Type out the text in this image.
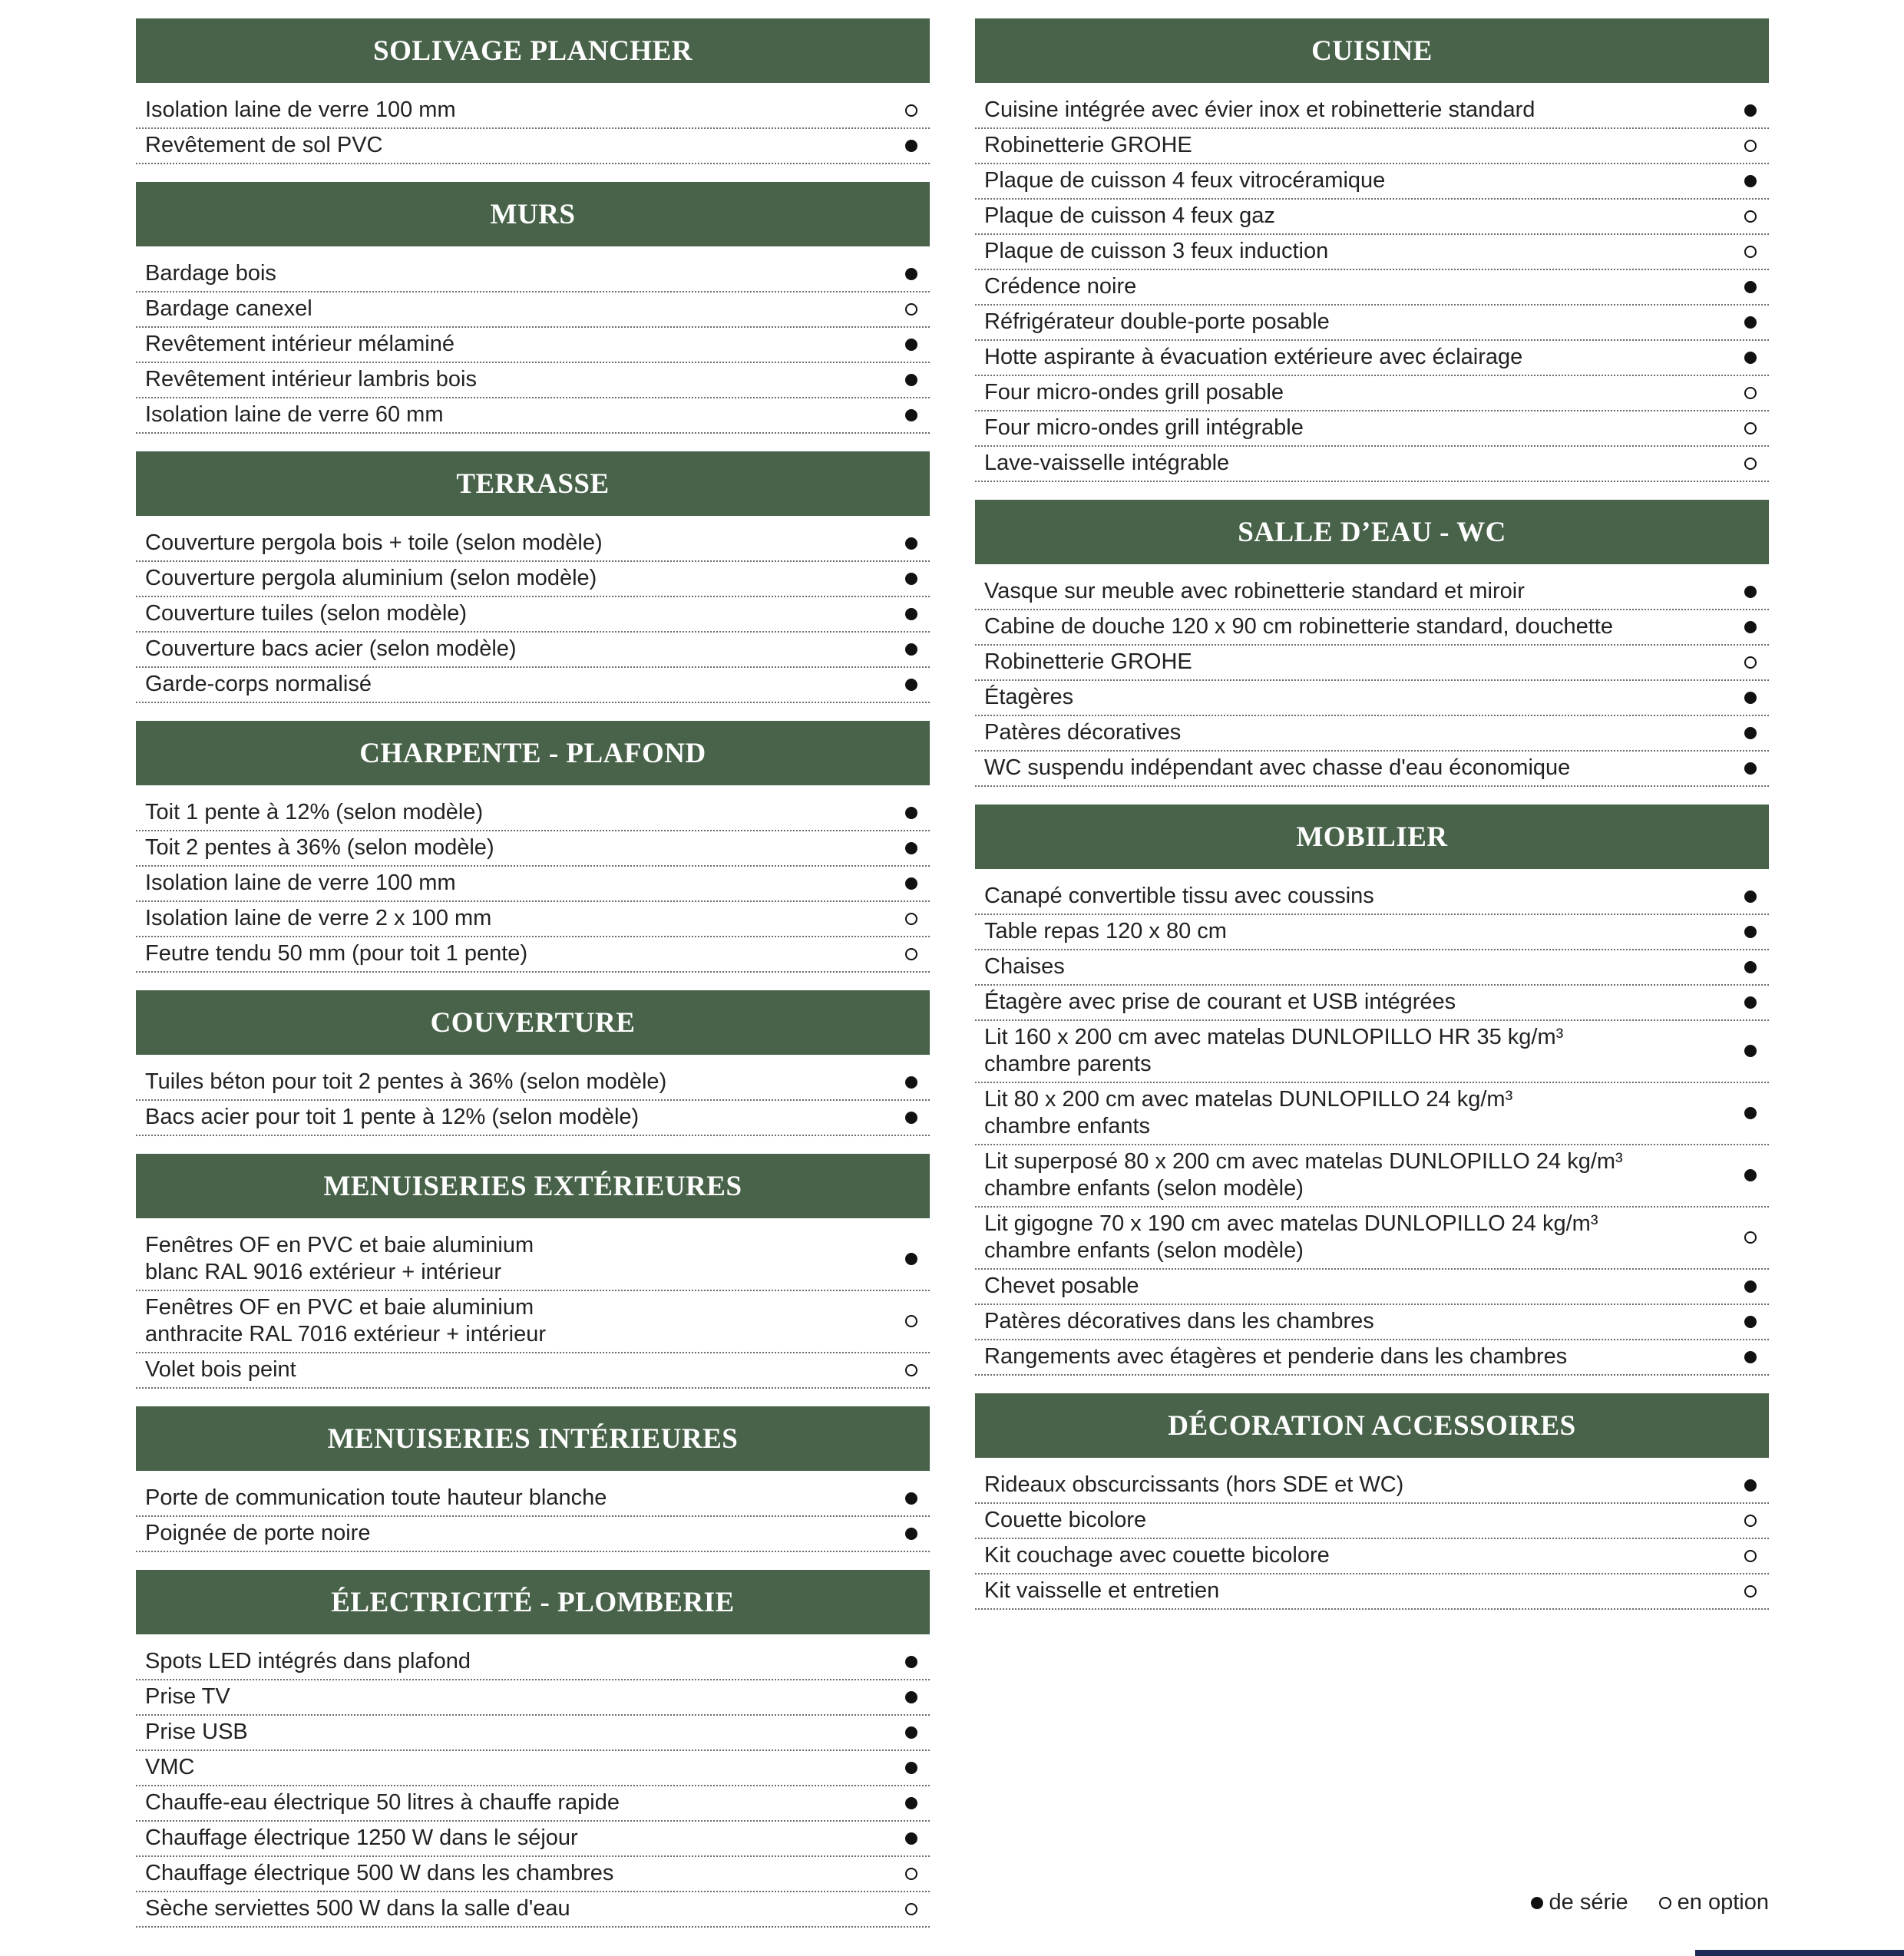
SOLIVAGE PLANCHER
Isolation laine de verre 100 mm
Revêtement de sol PVC
MURS
Bardage bois
Bardage canexel
Revêtement intérieur mélaminé
Revêtement intérieur lambris bois
Isolation laine de verre 60 mm
TERRASSE
Couverture pergola bois + toile (selon modèle)
Couverture pergola aluminium (selon modèle)
Couverture tuiles (selon modèle)
Couverture bacs acier (selon modèle)
Garde-corps normalisé
CHARPENTE - PLAFOND
Toit 1 pente à 12% (selon modèle)
Toit 2 pentes à 36% (selon modèle)
Isolation laine de verre 100 mm
Isolation laine de verre 2 x 100 mm
Feutre tendu 50 mm (pour toit 1 pente)
COUVERTURE
Tuiles béton pour toit 2 pentes à 36% (selon modèle)
Bacs acier pour toit 1 pente à 12% (selon modèle)
MENUISERIES EXTÉRIEURES
Fenêtres OF en PVC et baie aluminium
blanc RAL 9016 extérieur + intérieur
Fenêtres OF en PVC et baie aluminium
anthracite RAL 7016 extérieur + intérieur
Volet bois peint
MENUISERIES INTÉRIEURES
Porte de communication toute hauteur blanche
Poignée de porte noire
ÉLECTRICITÉ - PLOMBERIE
Spots LED intégrés dans plafond
Prise TV
Prise USB
VMC
Chauffe-eau électrique 50 litres à chauffe rapide
Chauffage électrique 1250 W dans le séjour
Chauffage électrique 500 W dans les chambres
Sèche serviettes 500 W dans la salle d'eau
CUISINE
Cuisine intégrée avec évier inox et robinetterie standard
Robinetterie GROHE
Plaque de cuisson 4 feux vitrocéramique
Plaque de cuisson 4 feux gaz
Plaque de cuisson 3 feux induction
Crédence noire
Réfrigérateur double-porte posable
Hotte aspirante à évacuation extérieure avec éclairage
Four micro-ondes grill posable
Four micro-ondes grill intégrable
Lave-vaisselle intégrable
SALLE D’EAU - WC
Vasque sur meuble avec robinetterie standard et miroir
Cabine de douche 120 x 90 cm robinetterie standard, douchette
Robinetterie GROHE
Étagères
Patères décoratives
WC suspendu indépendant avec chasse d'eau économique
MOBILIER
Canapé convertible tissu avec coussins
Table repas 120 x 80 cm
Chaises
Étagère avec prise de courant et USB intégrées
Lit 160 x 200 cm avec matelas DUNLOPILLO HR 35 kg/m³
chambre parents
Lit 80 x 200 cm avec matelas DUNLOPILLO 24 kg/m³
chambre enfants
Lit superposé 80 x 200 cm avec matelas DUNLOPILLO 24 kg/m³
chambre enfants (selon modèle)
Lit gigogne 70 x 190 cm avec matelas DUNLOPILLO 24 kg/m³
chambre enfants (selon modèle)
Chevet posable
Patères décoratives dans les chambres
Rangements avec étagères et penderie dans les chambres
DÉCORATION ACCESSOIRES
Rideaux obscurcissants (hors SDE et WC)
Couette bicolore
Kit couchage avec couette bicolore
Kit vaisselle et entretien
de série en option
